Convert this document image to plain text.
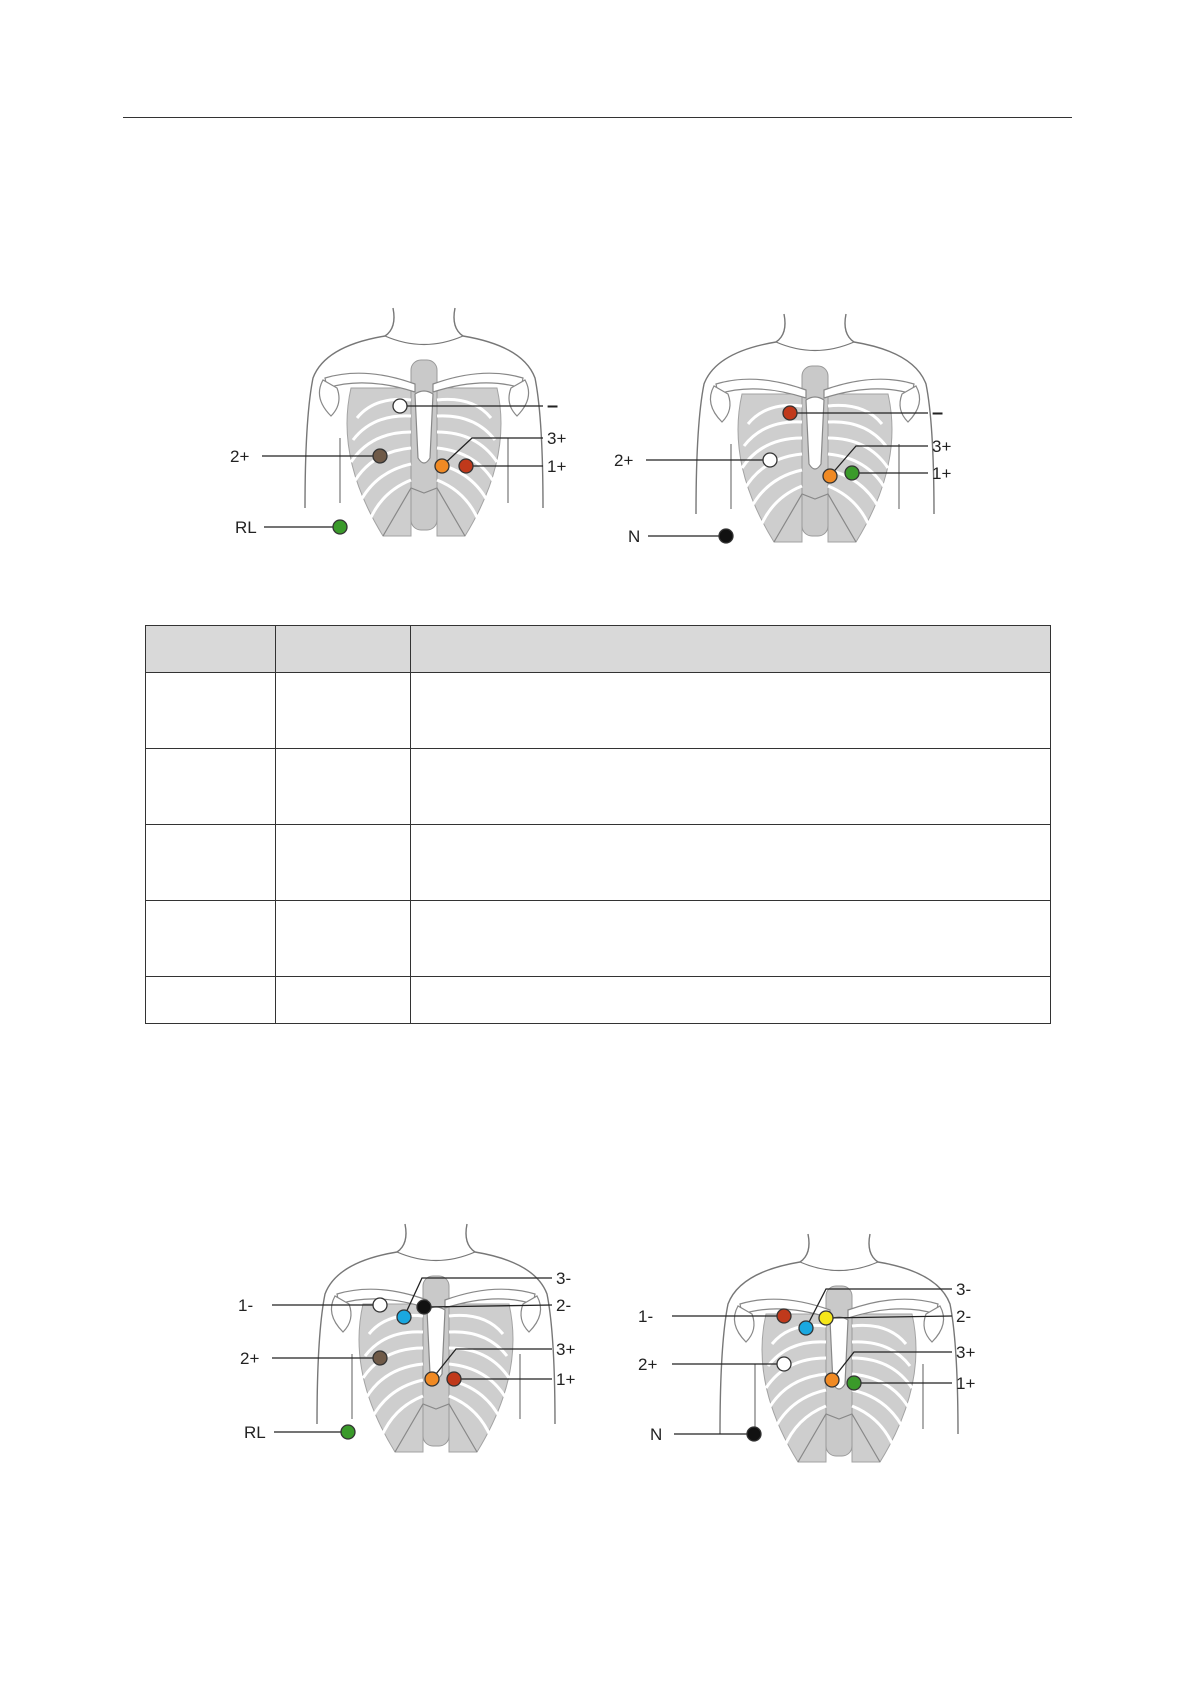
–
3+
1+
2+
RL
–
3+
1+
2+
N

3-
2-
3+
1+
1-
2+
RL
3-
2-
3+
1+
1-
2+
N
